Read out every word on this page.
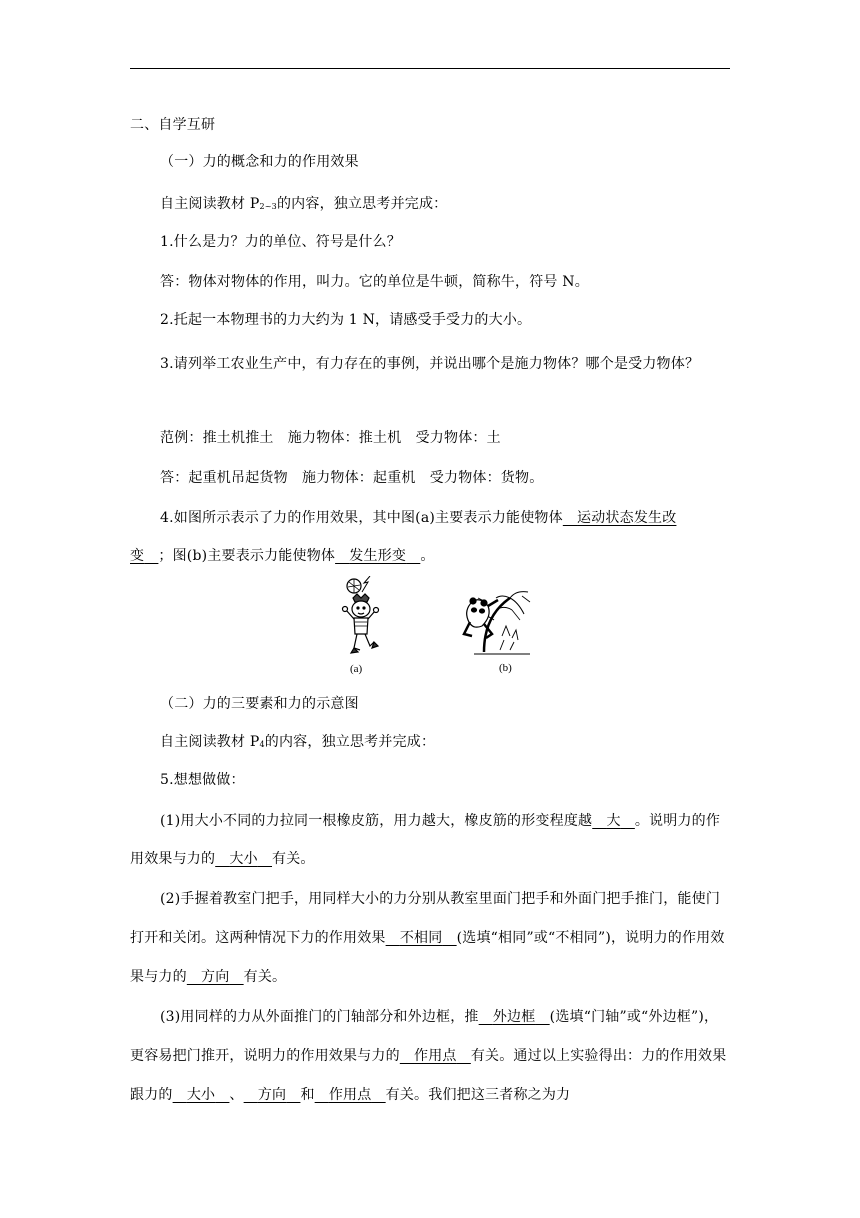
二、自学互研

（一）力的概念和力的作用效果

自主阅读教材 $P_{2\sim 3}$的内容，独立思考并完成：

1.什么是力？力的单位、符号是什么？

答：物体对物体的作用，叫力。它的单位是牛顿，简称牛，符号 N。

2.托起一本物理书的力大约为 1 N，请感受手受力的大小。

3.请列举工农业生产中，有力存在的事例，并说出哪个是施力物体？哪个是受力物体？

范例：推土机推土　施力物体：推土机　受力物体：土

答：起重机吊起货物　施力物体：起重机　受力物体：货物。

4.如图所示表示了力的作用效果，其中图(a)主要表示力能使物体 运动状态发生改

变 ；图(b)主要表示力能使物体 发生形变 。

(a)	(b)

（二）力的三要素和力的示意图

自主阅读教材 $P_4$的内容，独立思考并完成：

5.想想做做：

(1)用大小不同的力拉同一根橡皮筋，用力越大，橡皮筋的形变程度越 大 。说明力的作用效果与力的 大小 有关。

(2)手握着教室门把手，用同样大小的力分别从教室里面门把手和外面门把手推门，能使门打开和关闭。这两种情况下力的作用效果 不相同 (选填“相同”或“不相同”)，说明力的作用效果与力的 方向 有关。

(3)用同样的力从外面推门的门轴部分和外边框，推 外边框 (选填“门轴”或“外边框”)，更容易把门推开，说明力的作用效果与力的 作用点 有关。通过以上实验得出：力的作用效果跟力的 大小 、 方向 和 作用点 有关。我们把这三者称之为力
